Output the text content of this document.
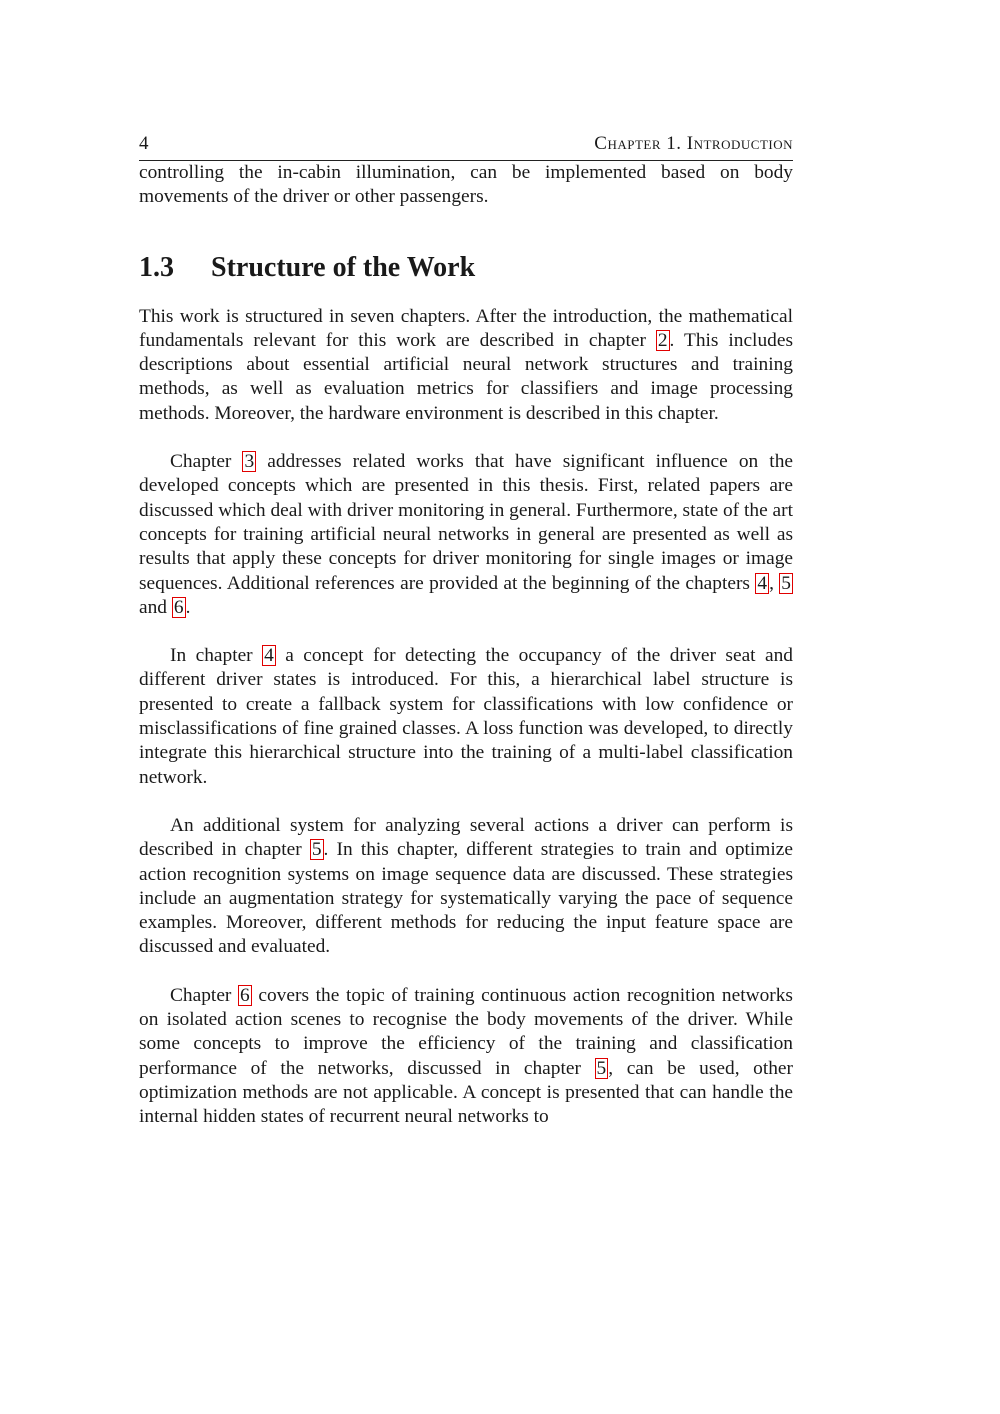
4	Chapter 1. Introduction

controlling the in-cabin illumination, can be implemented based on body movements of the driver or other passengers.

1.3	Structure of the Work

This work is structured in seven chapters. After the introduction, the mathematical fundamentals relevant for this work are described in chapter 2 . This includes descriptions about essential artificial neural network structures and training methods, as well as evaluation metrics for classifiers and image processing methods. Moreover, the hardware environment is described in this chapter.

Chapter 3 addresses related works that have significant influence on the developed concepts which are presented in this thesis. First, related papers are discussed which deal with driver monitoring in general. Furthermore, state of the art concepts for training artificial neural networks in general are presented as well as results that apply these concepts for driver monitoring for single images or image sequences. Additional references are provided at the beginning of the chapters 4 , 5 and 6 .

In chapter 4 a concept for detecting the occupancy of the driver seat and different driver states is introduced. For this, a hierarchical label structure is presented to create a fallback system for classifications with low confidence or misclassifications of fine grained classes. A loss function was developed, to directly integrate this hierarchical structure into the training of a multi-label classification network.

An additional system for analyzing several actions a driver can perform is described in chapter 5 . In this chapter, different strategies to train and optimize action recognition systems on image sequence data are discussed. These strategies include an augmentation strategy for systematically varying the pace of sequence examples. Moreover, different methods for reducing the input feature space are discussed and evaluated.

Chapter 6 covers the topic of training continuous action recognition networks on isolated action scenes to recognise the body movements of the driver. While some concepts to improve the efficiency of the training and classification performance of the networks, discussed in chapter 5 , can be used, other optimization methods are not applicable. A concept is presented that can handle the internal hidden states of recurrent neural networks to
